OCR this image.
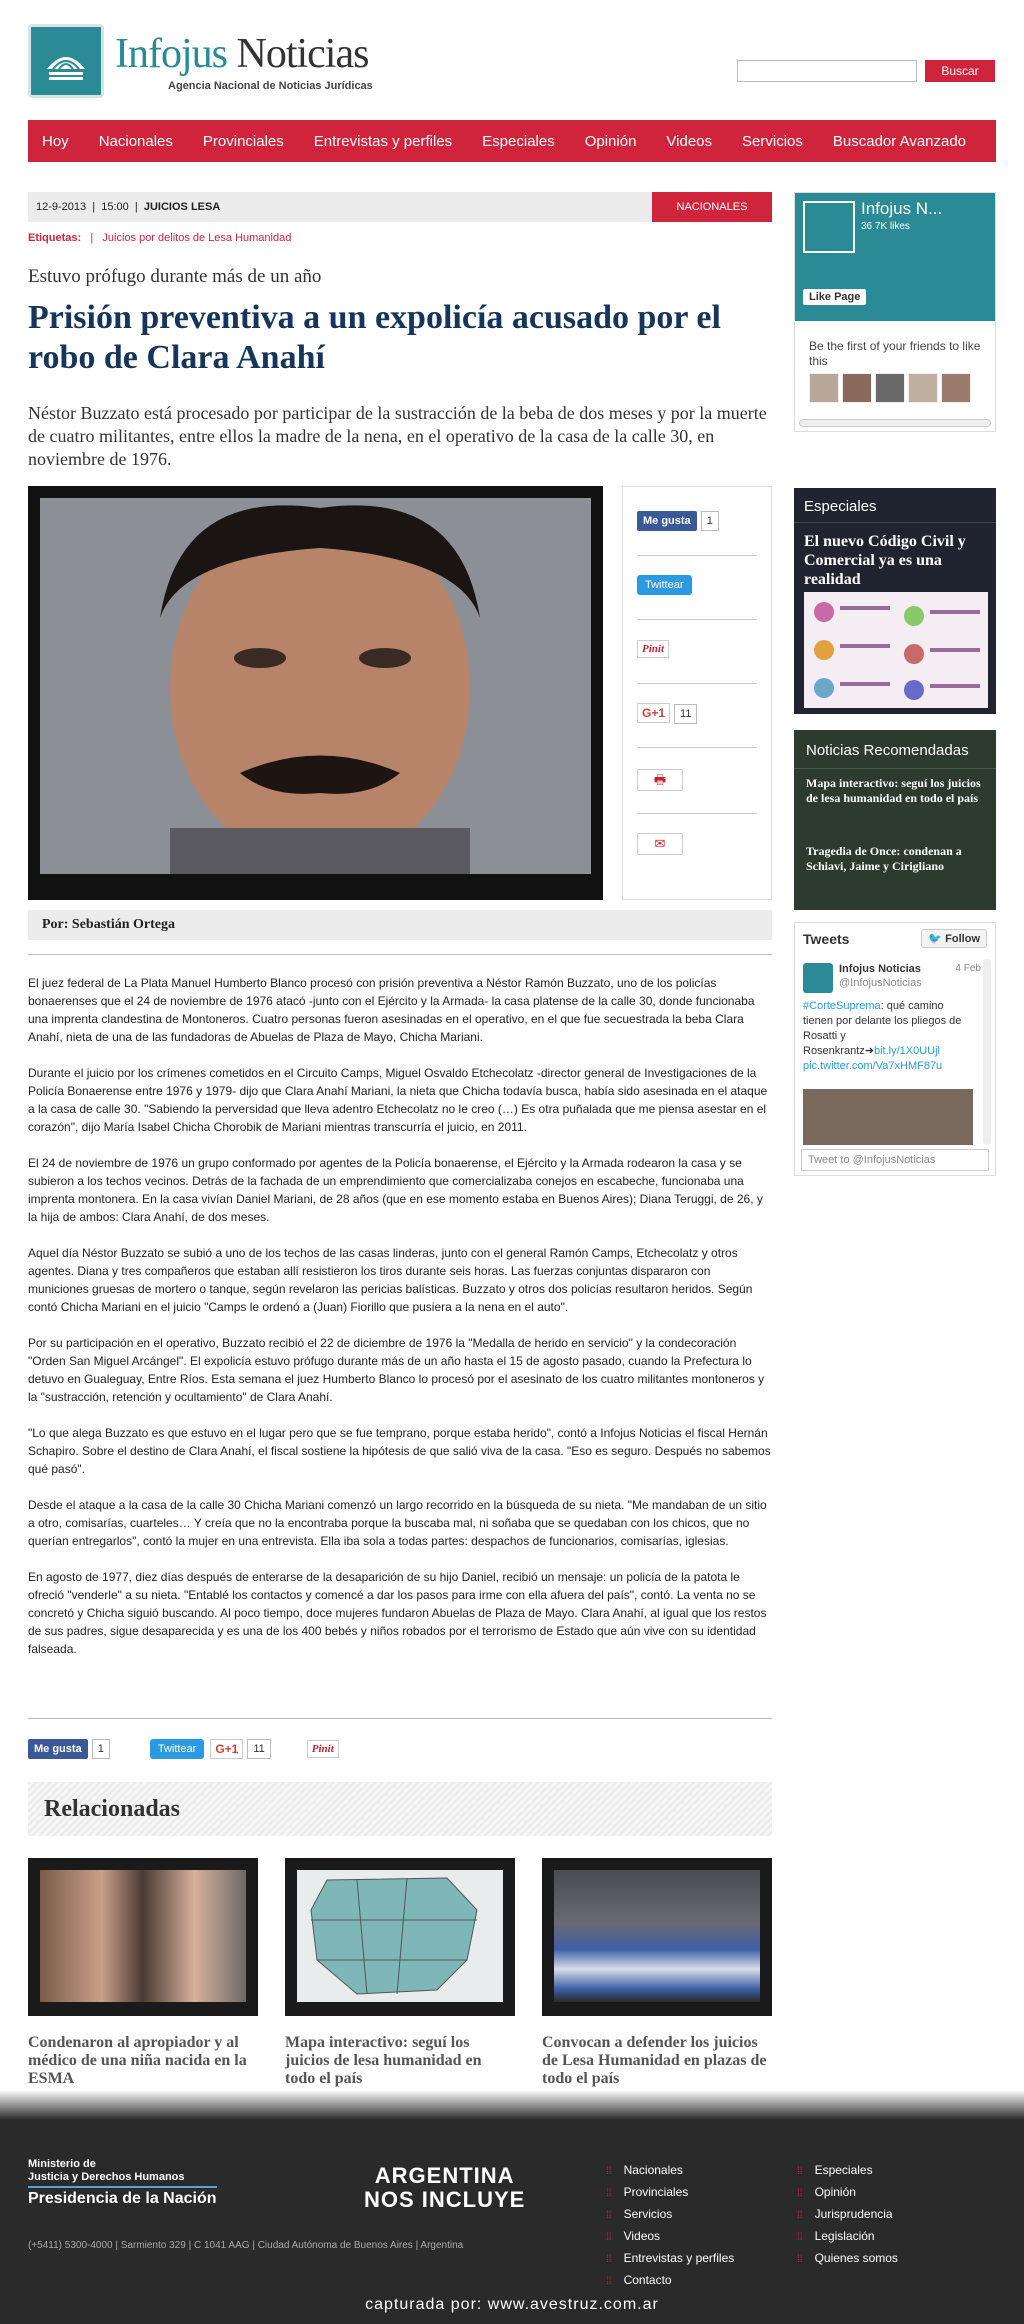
Infojus Noticias
Agencia Nacional de Noticias Jurídicas
Buscar
Hoy Nacionales Provinciales Entrevistas y perfiles Especiales Opinión Videos Servicios Buscador Avanzado
12-9-2013  |  15:00  |  JUICIOS LESA	NACIONALES
Etiquetas:   |   Juicios por delitos de Lesa Humanidad
Estuvo prófugo durante más de un año
Prisión preventiva a un expolicía acusado por el robo de Clara Anahí
Néstor Buzzato está procesado por participar de la sustracción de la beba de dos meses y por la muerte de cuatro militantes, entre ellos la madre de la nena, en el operativo de la casa de la calle 30, en noviembre de 1976.
Me gusta 1
Twittear
Pinit
G+1 11
🖶
✉
Por: Sebastián Ortega

El juez federal de La Plata Manuel Humberto Blanco procesó con prisión preventiva a Néstor Ramón Buzzato, uno de los policías bonaerenses que el 24 de noviembre de 1976 atacó -junto con el Ejército y la Armada- la casa platense de la calle 30, donde funcionaba una imprenta clandestina de Montoneros. Cuatro personas fueron asesinadas en el operativo, en el que fue secuestrada la beba Clara Anahí, nieta de una de las fundadoras de Abuelas de Plaza de Mayo, Chicha Mariani.

Durante el juicio por los crímenes cometidos en el Circuito Camps, Miguel Osvaldo Etchecolatz -director general de Investigaciones de la Policía Bonaerense entre 1976 y 1979- dijo que Clara Anahí Mariani, la nieta que Chicha todavía busca, había sido asesinada en el ataque a la casa de calle 30. "Sabiendo la perversidad que lleva adentro Etchecolatz no le creo (…) Es otra puñalada que me piensa asestar en el corazón", dijo María Isabel Chicha Chorobik de Mariani mientras transcurría el juicio, en 2011.

El 24 de noviembre de 1976 un grupo conformado por agentes de la Policía bonaerense, el Ejército y la Armada rodearon la casa y se subieron a los techos vecinos. Detrás de la fachada de un emprendimiento que comercializaba conejos en escabeche, funcionaba una imprenta montonera. En la casa vivían Daniel Mariani, de 28 años (que en ese momento estaba en Buenos Aires); Diana Teruggi, de 26, y la hija de ambos: Clara Anahí, de dos meses.

Aquel día Néstor Buzzato se subió a uno de los techos de las casas linderas, junto con el general Ramón Camps, Etchecolatz y otros agentes. Diana y tres compañeros que estaban allí resistieron los tiros durante seis horas. Las fuerzas conjuntas dispararon con municiones gruesas de mortero o tanque, según revelaron las pericias balísticas. Buzzato y otros dos policías resultaron heridos. Según contó Chicha Mariani en el juicio "Camps le ordenó a (Juan) Fiorillo que pusiera a la nena en el auto".

Por su participación en el operativo, Buzzato recibió el 22 de diciembre de 1976 la "Medalla de herido en servicio" y la condecoración "Orden San Miguel Arcángel". El expolicía estuvo prófugo durante más de un año hasta el 15 de agosto pasado, cuando la Prefectura lo detuvo en Gualeguay, Entre Ríos. Esta semana el juez Humberto Blanco lo procesó por el asesinato de los cuatro militantes montoneros y la "sustracción, retención y ocultamiento" de Clara Anahí.

"Lo que alega Buzzato es que estuvo en el lugar pero que se fue temprano, porque estaba herido", contó a Infojus Noticias el fiscal Hernán Schapiro. Sobre el destino de Clara Anahí, el fiscal sostiene la hipótesis de que salió viva de la casa. "Eso es seguro. Después no sabemos qué pasó".

Desde el ataque a la casa de la calle 30 Chicha Mariani comenzó un largo recorrido en la búsqueda de su nieta. "Me mandaban de un sitio a otro, comisarías, cuarteles… Y creía que no la encontraba porque la buscaba mal, ni soñaba que se quedaban con los chicos, que no querían entregarlos", contó la mujer en una entrevista. Ella iba sola a todas partes: despachos de funcionarios, comisarías, iglesias.

En agosto de 1977, diez días después de enterarse de la desaparición de su hijo Daniel, recibió un mensaje: un policía de la patota le ofreció "venderle" a su nieta. "Entablé los contactos y comencé a dar los pasos para irme con ella afuera del país", contó. La venta no se concretó y Chicha siguió buscando. Al poco tiempo, doce mujeres fundaron Abuelas de Plaza de Mayo. Clara Anahí, al igual que los restos de sus padres, sigue desaparecida y es una de los 400 bebés y niños robados por el terrorismo de Estado que aún vive con su identidad falseada.

Me gusta	1	Twittear	G+1	11	Pinit
Relacionadas
Condenaron al apropiador y al médico de una niña nacida en la ESMA
Mapa interactivo: seguí los juicios de lesa humanidad en todo el país
Convocan a defender los juicios de Lesa Humanidad en plazas de todo el país
Infojus N...
36.7K likes
Like Page
Be the first of your friends to like this
Especiales
El nuevo Código Civil y Comercial ya es una realidad
Noticias Recomendadas
Mapa interactivo: seguí los juicios de lesa humanidad en todo el país
Tragedia de Once: condenan a Schiavi, Jaime y Cirigliano
Tweets	🐦 Follow
Infojus Noticias
@InfojusNoticias
4 Feb
#CorteSuprema: qué camino tienen por delante los pliegos de Rosatti y Rosenkrantz➜bit.ly/1X0UUjl pic.twitter.com/Va7xHMF87u
Tweet to @InfojusNoticias
Ministerio de
Justicia y Derechos Humanos
Presidencia de la Nación
ARGENTINA
NOS INCLUYE
(+5411) 5300-4000 | Sarmiento 329 | C 1041 AAG | Ciudad Autónoma de Buenos Aires | Argentina
⁞⁞ Nacionales
⁞⁞ Provinciales
⁞⁞ Servicios
⁞⁞ Videos
⁞⁞ Entrevistas y perfiles
⁞⁞ Contacto
⁞⁞ Especiales
⁞⁞ Opinión
⁞⁞ Jurisprudencia
⁞⁞ Legislación
⁞⁞ Quienes somos
capturada por: www.avestruz.com.ar
